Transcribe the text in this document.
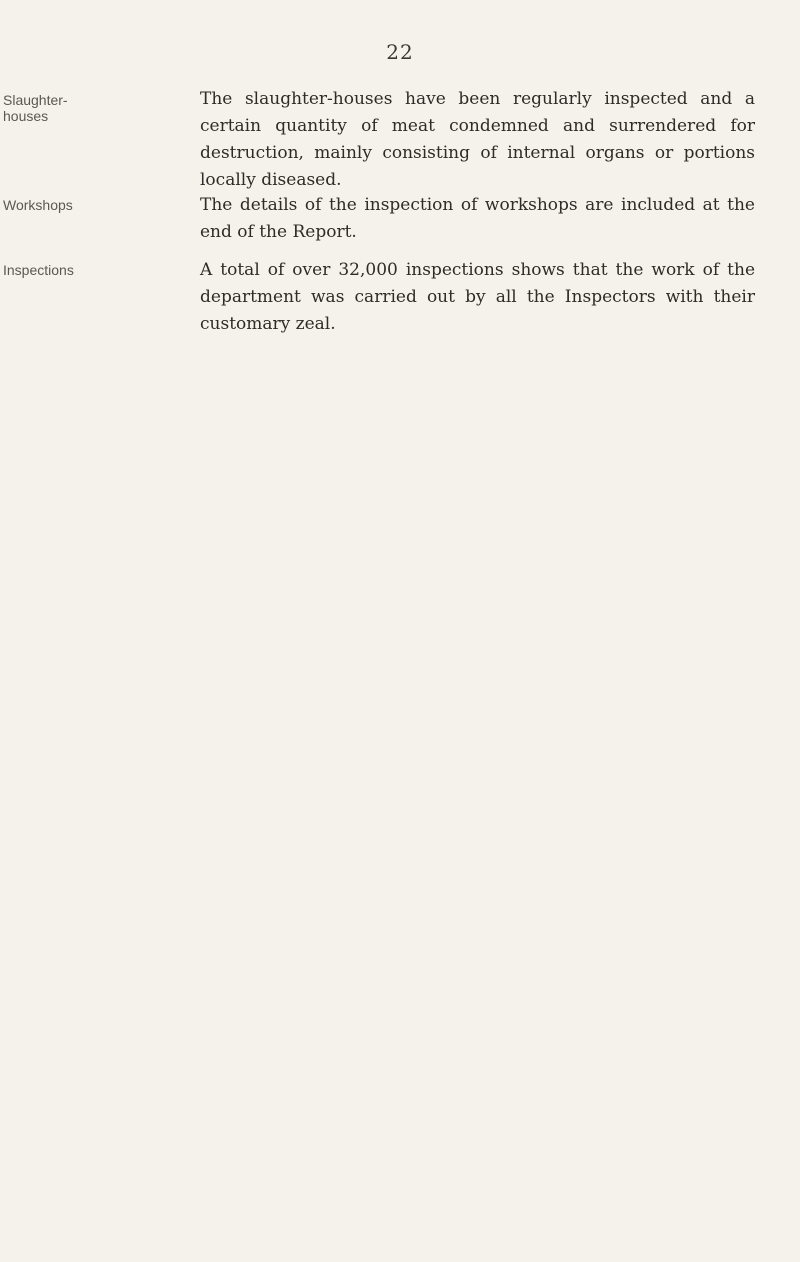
22
Slaughter-
houses
The slaughter-houses have been regularly inspected and a certain quantity of meat condemned and surrendered for destruction, mainly consisting of internal organs or portions locally diseased.
Workshops	The details of the inspection of workshops are included at the end of the Report.
Inspections	A total of over 32,000 inspections shows that the work of the department was carried out by all the Inspectors with their customary zeal.
